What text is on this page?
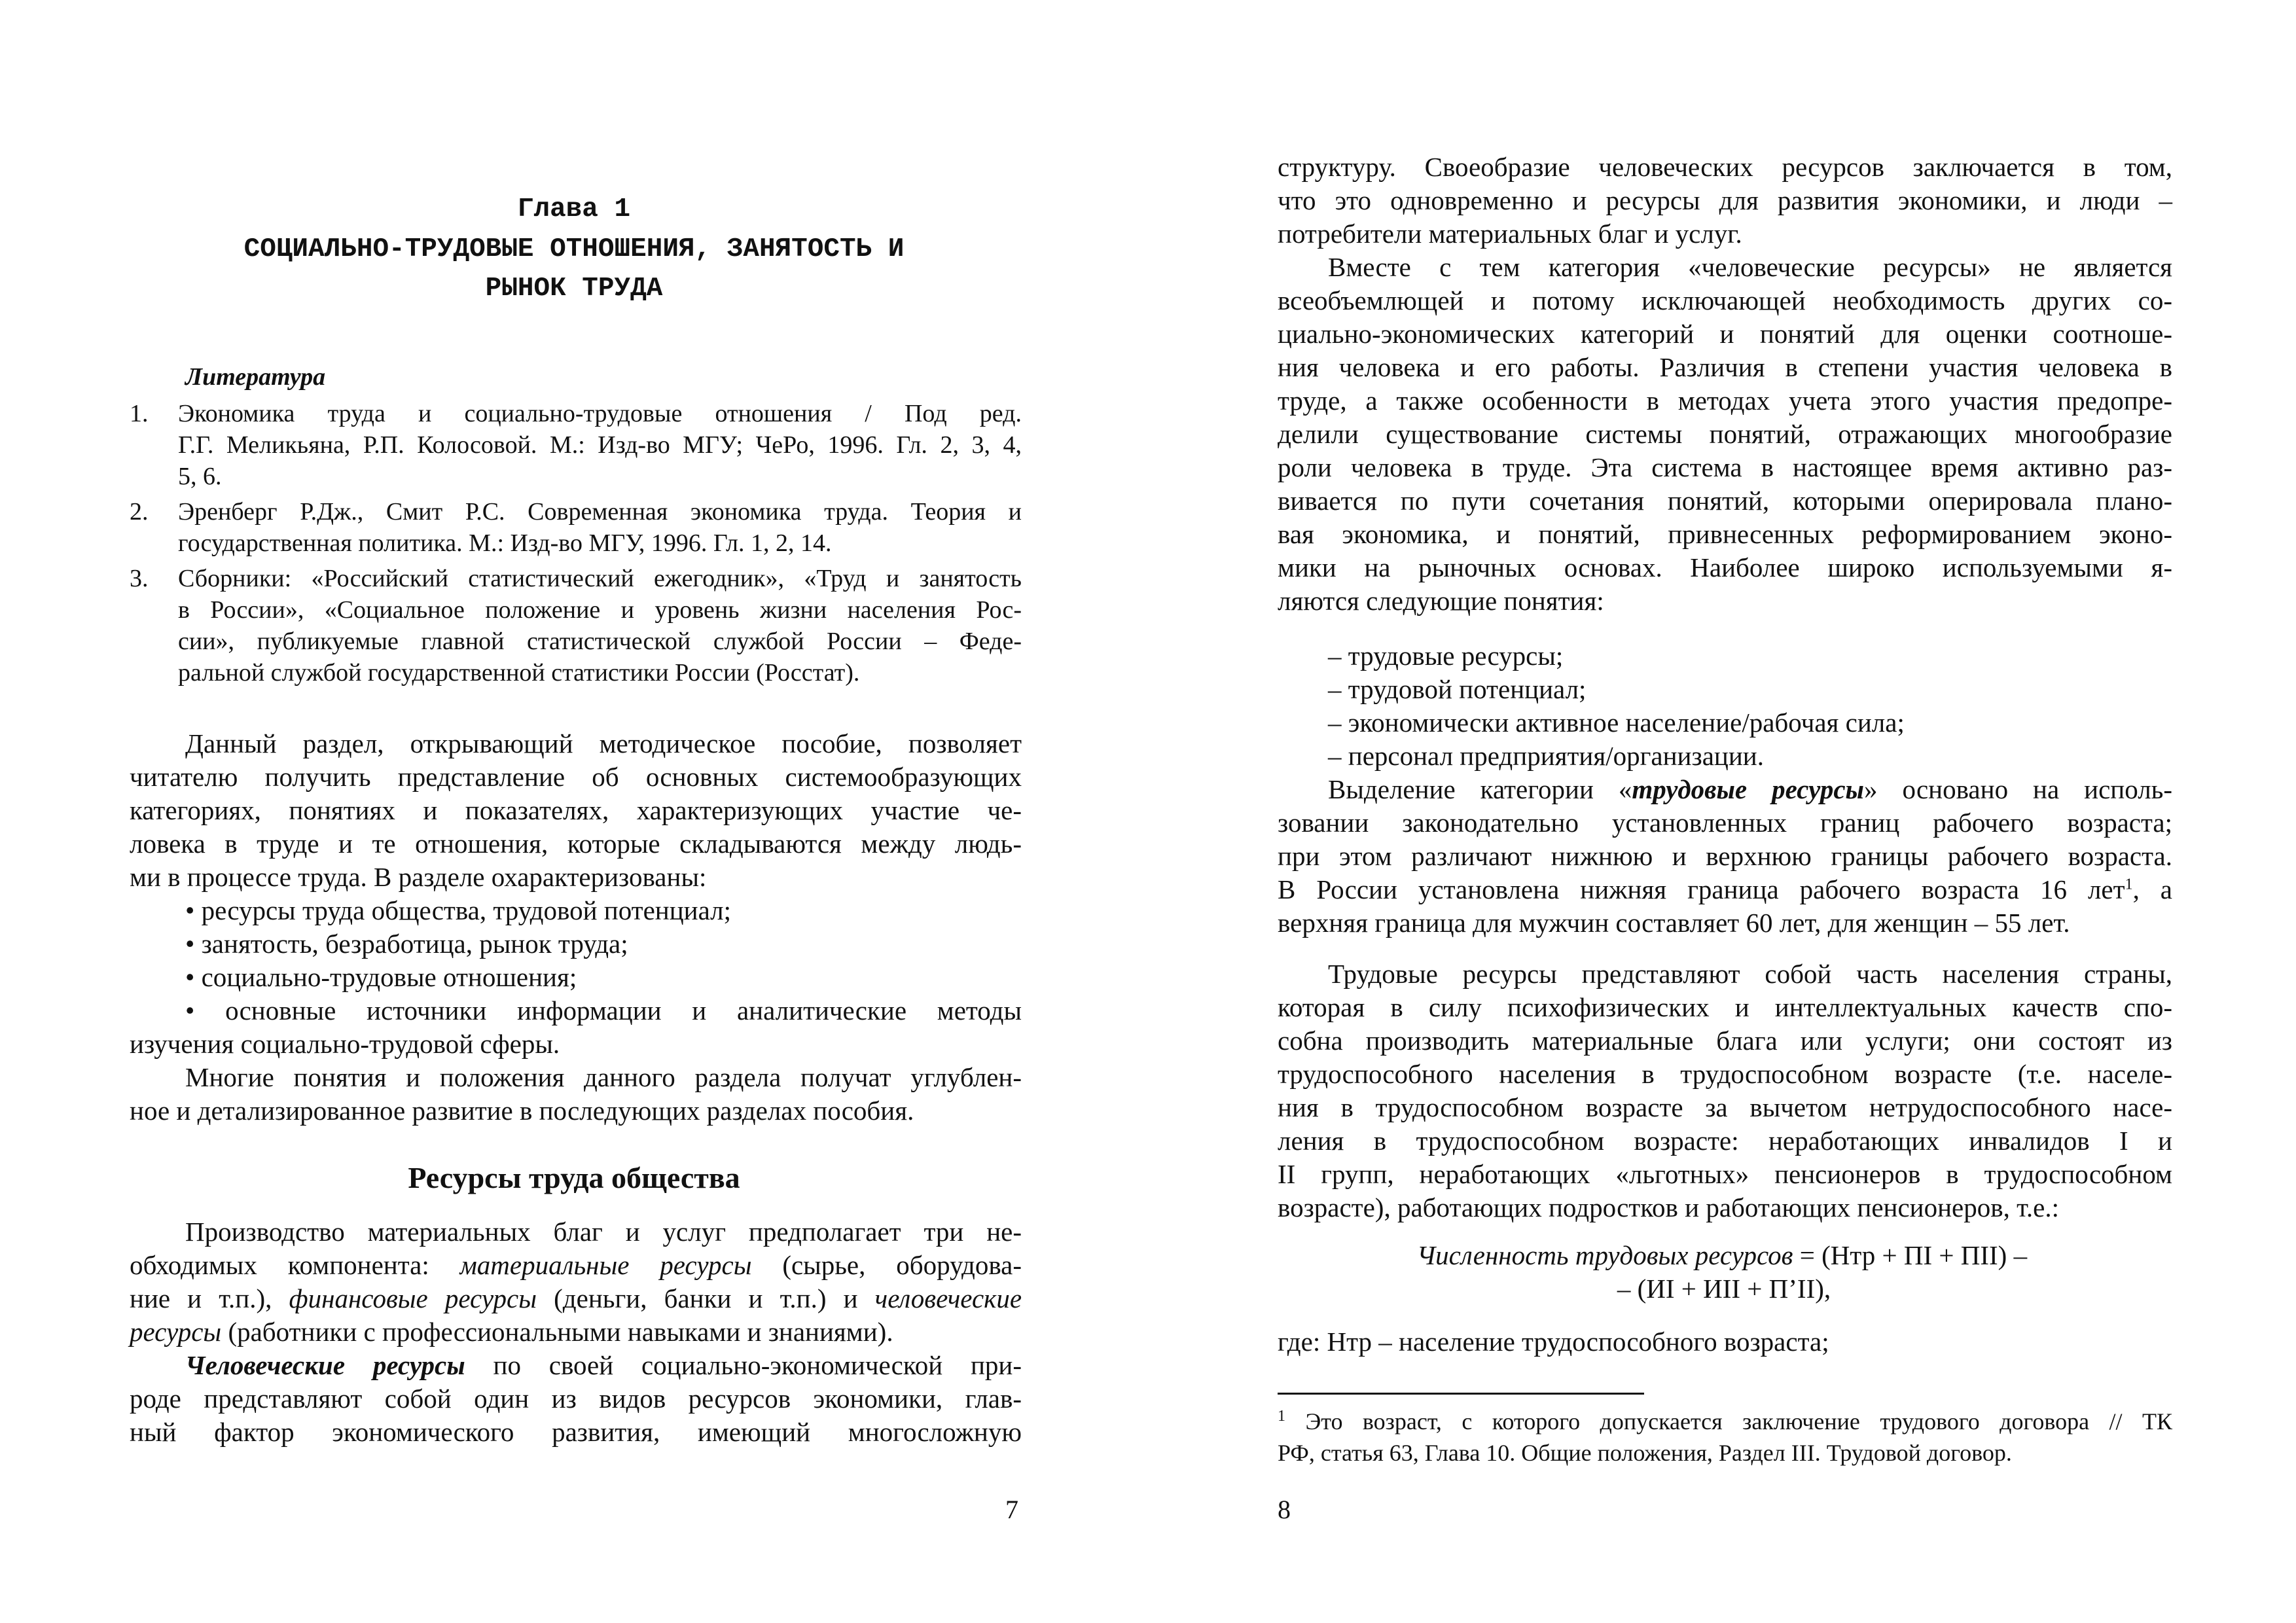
Глава 1
СОЦИАЛЬНО-ТРУДОВЫЕ ОТНОШЕНИЯ, ЗАНЯТОСТЬ И
РЫНОК ТРУДА
Литература
1. Экономика труда и социально-трудовые отношения / Под ред.
Г.Г. Меликьяна, Р.П. Колосовой. М.: Изд-во МГУ; ЧеРо, 1996. Гл. 2, 3, 4,
5, 6.
2. Эренберг Р.Дж., Смит Р.С. Современная экономика труда. Теория и
государственная политика. М.: Изд-во МГУ, 1996. Гл. 1, 2, 14.
3. Сборники: «Российский статистический ежегодник», «Труд и занятость
в России», «Социальное положение и уровень жизни населения Рос-
сии», публикуемые главной статистической службой России – Феде-
ральной службой государственной статистики России (Росстат).
Данный раздел, открывающий методическое пособие, позволяет
читателю получить представление об основных системообразующих
категориях, понятиях и показателях, характеризующих участие че-
ловека в труде и те отношения, которые складываются между людь-
ми в процессе труда. В разделе охарактеризованы:
• ресурсы труда общества, трудовой потенциал;
• занятость, безработица, рынок труда;
• социально-трудовые отношения;
• основные источники информации и аналитические методы
изучения социально-трудовой сферы.
Многие понятия и положения данного раздела получат углублен-
ное и детализированное развитие в последующих разделах пособия.
Ресурсы труда общества
Производство материальных благ и услуг предполагает три не-
обходимых компонента: материальные ресурсы (сырье, оборудова-
ние и т.п.), финансовые ресурсы (деньги, банки и т.п.) и человеческие
ресурсы (работники с профессиональными навыками и знаниями).
Человеческие ресурсы по своей социально-экономической при-
роде представляют собой один из видов ресурсов экономики, глав-
ный фактор экономического развития, имеющий многосложную
7
структуру. Своеобразие человеческих ресурсов заключается в том,
что это одновременно и ресурсы для развития экономики, и люди –
потребители материальных благ и услуг.
Вместе с тем категория «человеческие ресурсы» не является
всеобъемлющей и потому исключающей необходимость других со-
циально-экономических категорий и понятий для оценки соотноше-
ния человека и его работы. Различия в степени участия человека в
труде, а также особенности в методах учета этого участия предопре-
делили существование системы понятий, отражающих многообразие
роли человека в труде. Эта система в настоящее время активно раз-
вивается по пути сочетания понятий, которыми оперировала плано-
вая экономика, и понятий, привнесенных реформированием эконо-
мики на рыночных основах. Наиболее широко используемыми я-
ляются следующие понятия:
– трудовые ресурсы;
– трудовой потенциал;
– экономически активное население/рабочая сила;
– персонал предприятия/организации.
Выделение категории «трудовые ресурсы» основано на исполь-
зовании законодательно установленных границ рабочего возраста;
при этом различают нижнюю и верхнюю границы рабочего возраста.
В России установлена нижняя граница рабочего возраста 16 лет$^1$, а
верхняя граница для мужчин составляет 60 лет, для женщин – 55 лет.
Трудовые ресурсы представляют собой часть населения страны,
которая в силу психофизических и интеллектуальных качеств спо-
собна производить материальные блага или услуги; они состоят из
трудоспособного населения в трудоспособном возрасте (т.е. населе-
ния в трудоспособном возрасте за вычетом нетрудоспособного насе-
ления в трудоспособном возрасте: неработающих инвалидов I и
II групп, неработающих «льготных» пенсионеров в трудоспособном
возрасте), работающих подростков и работающих пенсионеров, т.е.:
Численность трудовых ресурсов = (Нтр + ПI + ПII) –
– (ИI + ИII + П’II),
где: Нтр – население трудоспособного возраста;
$^1$ Это возраст, с которого допускается заключение трудового договора // ТК
РФ, статья 63, Глава 10. Общие положения, Раздел III. Трудовой договор.
8
